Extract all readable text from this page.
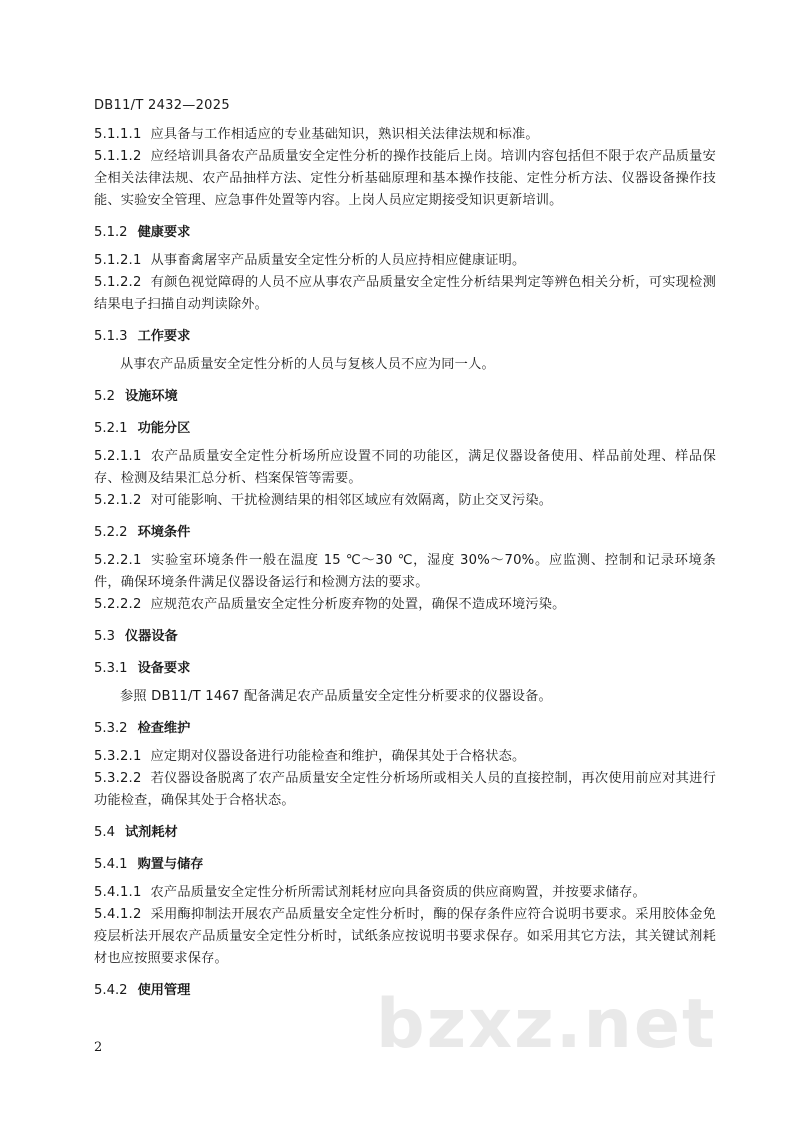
DB11/T 2432—2025

5.1.1.1 应具备与工作相适应的专业基础知识，熟识相关法律法规和标准。

5.1.1.2 应经培训具备农产品质量安全定性分析的操作技能后上岗。培训内容包括但不限于农产品质量安全相关法律法规、农产品抽样方法、定性分析基础原理和基本操作技能、定性分析方法、仪器设备操作技能、实验安全管理、应急事件处置等内容。上岗人员应定期接受知识更新培训。

5.1.2 健康要求

5.1.2.1 从事畜禽屠宰产品质量安全定性分析的人员应持相应健康证明。

5.1.2.2 有颜色视觉障碍的人员不应从事农产品质量安全定性分析结果判定等辨色相关分析，可实现检测结果电子扫描自动判读除外。

5.1.3 工作要求

从事农产品质量安全定性分析的人员与复核人员不应为同一人。

5.2 设施环境

5.2.1 功能分区

5.2.1.1 农产品质量安全定性分析场所应设置不同的功能区，满足仪器设备使用、样品前处理、样品保存、检测及结果汇总分析、档案保管等需要。

5.2.1.2 对可能影响、干扰检测结果的相邻区域应有效隔离，防止交叉污染。

5.2.2 环境条件

5.2.2.1 实验室环境条件一般在温度 15 ℃～30 ℃，湿度 30%～70%。应监测、控制和记录环境条件，确保环境条件满足仪器设备运行和检测方法的要求。

5.2.2.2 应规范农产品质量安全定性分析废弃物的处置，确保不造成环境污染。

5.3 仪器设备

5.3.1 设备要求

参照 DB11/T 1467 配备满足农产品质量安全定性分析要求的仪器设备。

5.3.2 检查维护

5.3.2.1 应定期对仪器设备进行功能检查和维护，确保其处于合格状态。

5.3.2.2 若仪器设备脱离了农产品质量安全定性分析场所或相关人员的直接控制，再次使用前应对其进行功能检查，确保其处于合格状态。

5.4 试剂耗材

5.4.1 购置与储存

5.4.1.1 农产品质量安全定性分析所需试剂耗材应向具备资质的供应商购置，并按要求储存。

5.4.1.2 采用酶抑制法开展农产品质量安全定性分析时，酶的保存条件应符合说明书要求。采用胶体金免疫层析法开展农产品质量安全定性分析时，试纸条应按说明书要求保存。如采用其它方法，其关键试剂耗材也应按照要求保存。

5.4.2 使用管理

2	bzxz.net
